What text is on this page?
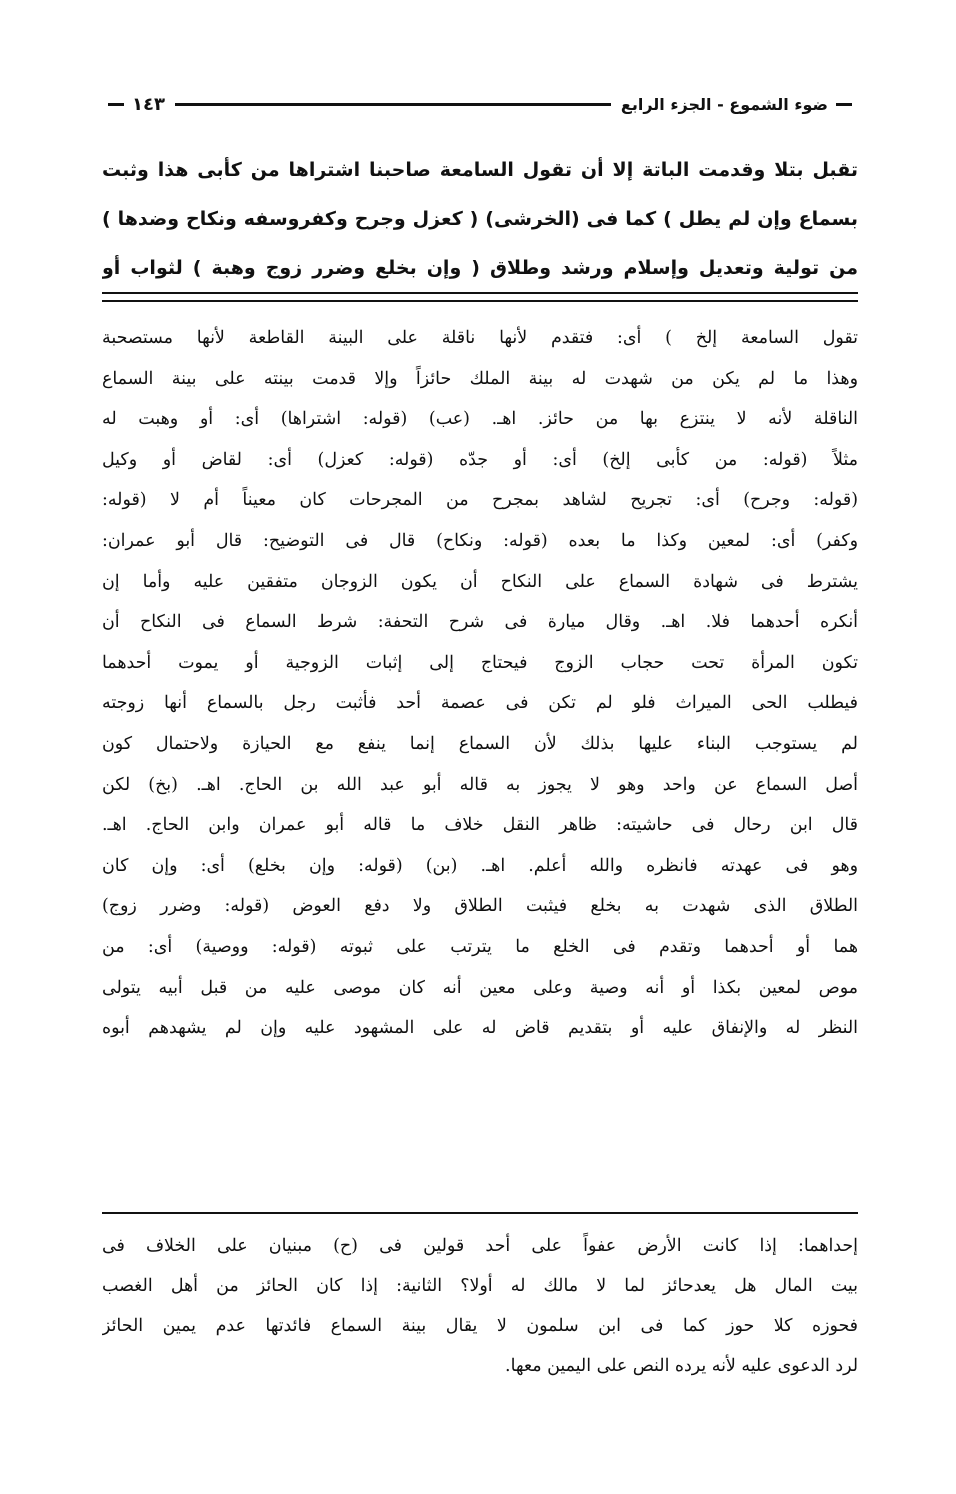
ضوء الشموع - الجزء الرابع
١٤٣
تقبل بتلا وقدمت الباتة إلا أن تقول السامعة صاحبنا اشتراها من كأبى هذا وثبت
بسماع وإن لم يطل ) كما فى (الخرشى) ( كعزل وجرح وكفروسفه ونكاح وضدها )
من تولية وتعديل وإسلام ورشد وطلاق ( وإن بخلع وضرر زوج وهبة ) لثواب أو
تقول السامعة إلخ ) أى: فتقدم لأنها ناقلة على البينة القاطعة لأنها مستصحبة
وهذا ما لم يكن من شهدت له بينة الملك حائزاً وإلا قدمت بينته على بينة السماع
الناقلة لأنه لا ينتزع بها من حائز. اهـ. (عب) (قوله: اشتراها) أى: أو وهبت له
مثلاً (قوله: من كأبى إلخ) أى: أو جدّه (قوله: كعزل) أى: لقاض أو وكيل
(قوله: وجرح) أى: تجريح لشاهد بمجرح من المجرحات كان معيناً أم لا (قوله:
وكفر) أى: لمعين وكذا ما بعده (قوله: ونكاح) قال فى التوضيح: قال أبو عمران:
يشترط فى شهادة السماع على النكاح أن يكون الزوجان متفقين عليه وأما إن
أنكره أحدهما فلا. اهـ. وقال ميارة فى شرح التحفة: شرط السماع فى النكاح أن
تكون المرأة تحت حجاب الزوج فيحتاج إلى إثبات الزوجية أو يموت أحدهما
فيطلب الحى الميراث فلو لم تكن فى عصمة أحد فأثبت رجل بالسماع أنها زوجته
لم يستوجب البناء عليها بذلك لأن السماع إنما ينفع مع الحيازة ولاحتمال كون
أصل السماع عن واحد وهو لا يجوز به قاله أبو عبد الله بن الحاج. اهـ. (بخ) لكن
قال ابن رحال فى حاشيته: ظاهر النقل خلاف ما قاله أبو عمران وابن الحاج. اهـ.
وهو فى عهدته فانظره والله أعلم. اهـ. (بن) (قوله: وإن بخلع) أى: وإن كان
الطلاق الذى شهدت به بخلع فيثبت الطلاق ولا دفع العوض (قوله: وضرر زوج)
هما أو أحدهما وتقدم فى الخلع ما يترتب على ثبوته (قوله: ووصية) أى: من
موص لمعين بكذا أو أنه وصية وعلى معين أنه كان موصى عليه من قبل أبيه يتولى
النظر له والإنفاق عليه أو بتقديم قاض له على المشهود عليه وإن لم يشهدهم أبوه
إحداهما: إذا كانت الأرض عفواً على أحد قولين فى (ح) مبنيان على الخلاف فى
بيت المال هل يعدحائز لما لا مالك له أولا؟ الثانية: إذا كان الحائز من أهل الغصب
فحوزه كلا حوز كما فى ابن سلمون لا يقال بينة السماع فائدتها عدم يمين الحائز
لرد الدعوى عليه لأنه يرده النص على اليمين معها.
